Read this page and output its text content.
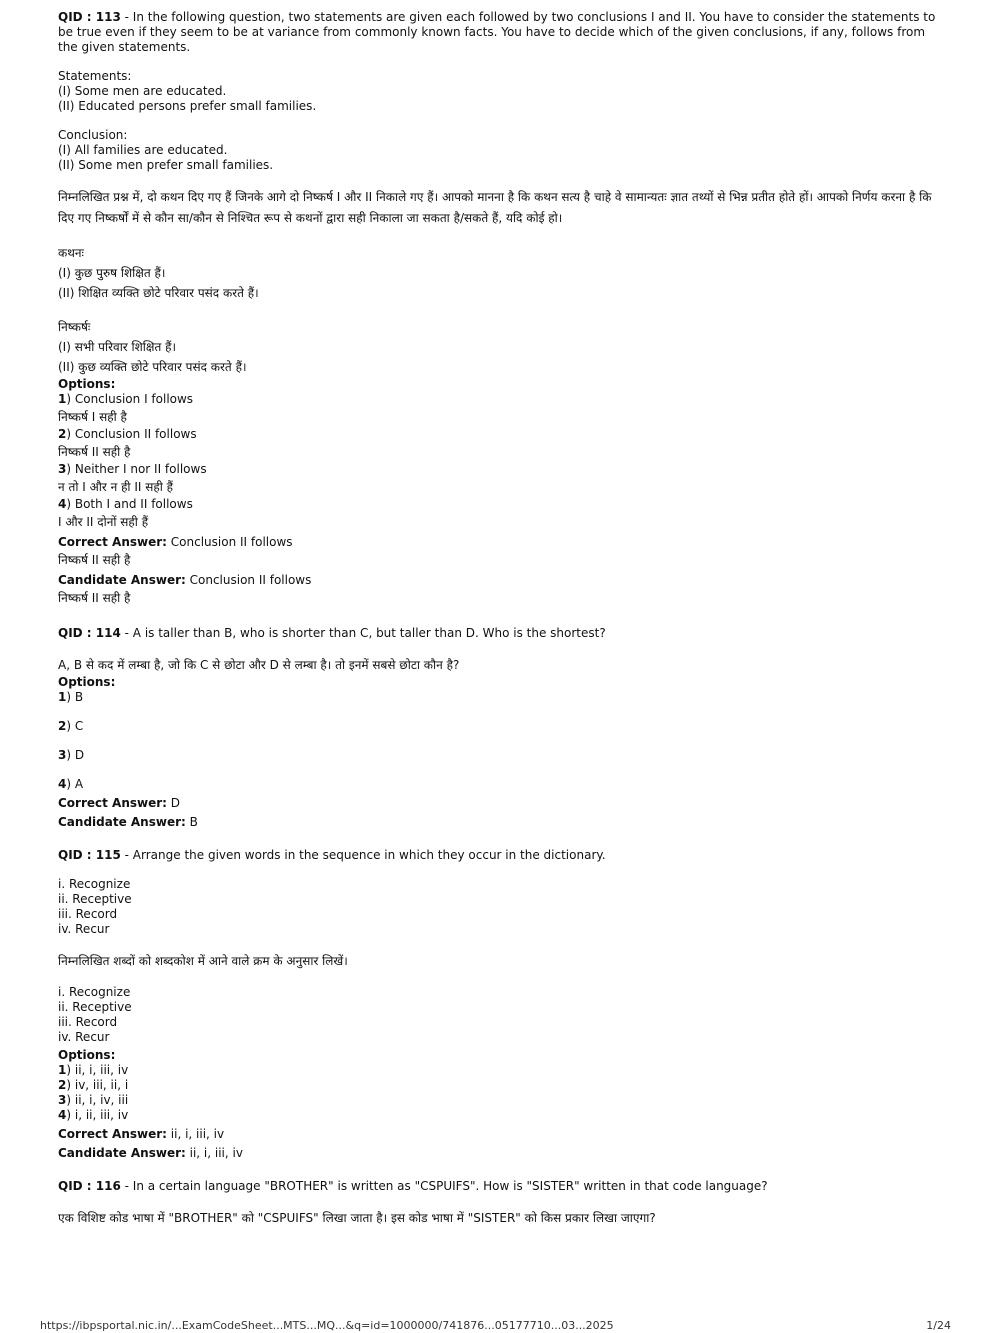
QID : 113 - In the following question, two statements are given each followed by two conclusions I and II. You have to consider the statements to be true even if they seem to be at variance from commonly known facts. You have to decide which of the given conclusions, if any, follows from the given statements.

Statements:

(I) Some men are educated.

(II) Educated persons prefer small families.

Conclusion:

(I) All families are educated.

(II) Some men prefer small families.

निम्नलिखित प्रश्न में, दो कथन दिए गए हैं जिनके आगे दो निष्कर्ष I और II निकाले गए हैं। आपको मानना है कि कथन सत्य है चाहे वे सामान्यतः ज्ञात तथ्यों से भिन्न प्रतीत होते हों। आपको निर्णय करना है कि दिए गए निष्कर्षों में से कौन सा/कौन से निश्चित रूप से कथनों द्वारा सही निकाला जा सकता है/सकते हैं, यदि कोई हो।

कथनः

(I) कुछ पुरुष शिक्षित हैं।

(II) शिक्षित व्यक्ति छोटे परिवार पसंद करते हैं।

निष्कर्षः

(I) सभी परिवार शिक्षित हैं।

(II) कुछ व्यक्ति छोटे परिवार पसंद करते हैं।

Options:

1) Conclusion I follows

निष्कर्ष I सही है

2) Conclusion II follows

निष्कर्ष II सही है

3) Neither I nor II follows

न तो I और न ही II सही हैं

4) Both I and II follows

I और II दोनों सही हैं

Correct Answer: Conclusion II follows

निष्कर्ष II सही है

Candidate Answer: Conclusion II follows

निष्कर्ष II सही है

QID : 114 - A is taller than B, who is shorter than C, but taller than D. Who is the shortest?

A, B से कद में लम्बा है, जो कि C से छोटा और D से लम्बा है। तो इनमें सबसे छोटा कौन है?

Options:

1) B

2) C

3) D

4) A

Correct Answer: D

Candidate Answer: B

QID : 115 - Arrange the given words in the sequence in which they occur in the dictionary.

i. Recognize

ii. Receptive

iii. Record

iv. Recur

निम्नलिखित शब्दों को शब्दकोश में आने वाले क्रम के अनुसार लिखें।

i. Recognize

ii. Receptive

iii. Record

iv. Recur

Options:

1) ii, i, iii, iv

2) iv, iii, ii, i

3) ii, i, iv, iii

4) i, ii, iii, iv

Correct Answer: ii, i, iii, iv

Candidate Answer: ii, i, iii, iv

QID : 116 - In a certain language "BROTHER" is written as "CSPUIFS". How is "SISTER" written in that code language?

एक विशिष्ट कोड भाषा में "BROTHER" को "CSPUIFS" लिखा जाता है। इस कोड भाषा में "SISTER" को किस प्रकार लिखा जाएगा?

https://ibpsportal.nic.in/...ExamCodeSheet...MTS...MQ...&q=id=1000000/741876...05177710...03...2025	1/24
